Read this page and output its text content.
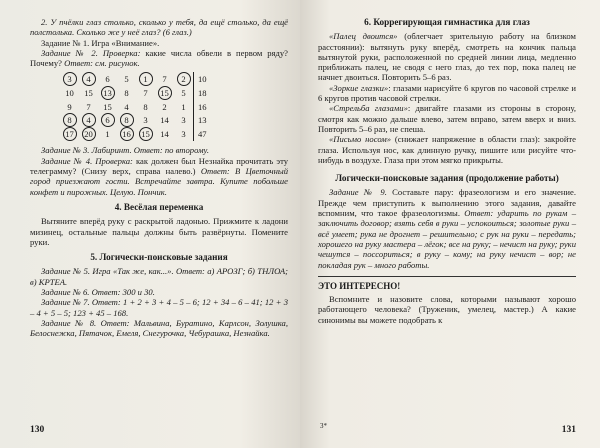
2. У пчёлки глаз столько, сколько у тебя, да ещё столько, да ещё полстолька. Сколько же у неё глаз? (6 глаз.)

Задание № 1. Игра «Внимание».

Задание № 2. Проверка: какие числа обвели в первом ряду? Почему? Ответ: см. рисунок.

3	4	6	5	1	7	2	10
10	15	13	8	7	15	5	18
9	7	15	4	8	2	1	16
8	4	6	8	3	14	3	13
17	20	1	16	15	14	3	47

Задание № 3. Лабиринт. Ответ: по второму.

Задание № 4. Проверка: как должен был Незнайка прочитать эту телеграмму? (Снизу верх, справа налево.) Ответ: В Цветочный город приезжают гости. Встречайте завтра. Купите побольше конфет и пирожных. Целую. Пончик.

4. Весёлая переменка

Вытяните вперёд руку с раскрытой ладонью. Прижмите к ладони мизинец, остальные пальцы должны быть развёрнуты. Помените руки.

5. Логически-поисковые задания

Задание № 5. Игра «Так же, как...». Ответ: а) АРОЗГ; б) ТНЛОА; в) КРТЕА.

Задание № 6. Ответ: 300 и 30.

Задание № 7. Ответ: 1 + 2 + 3 + 4 – 5 – 6; 12 + 34 – 6 – 41; 12 + 3 – 4 + 5 – 5; 123 + 45 – 168.

Задание № 8. Ответ: Мальвина, Буратино, Карлсон, Золушка, Белоснежка, Пятачок, Емеля, Снегурочка, Чебурашка, Незнайка.

130
6. Коррегирующая гимнастика для глаз

«Палец двоится» (облегчает зрительную работу на близком расстоянии): вытянуть руку вперёд, смотреть на кончик пальца вытянутой руки, расположенной по средней линии лица, медленно приближать палец, не сводя с него глаз, до тех пор, пока палец не начнет двоиться. Повторить 5–6 раз.

«Зоркие глазки»: глазами нарисуйте 6 кругов по часовой стрелке и 6 кругов против часовой стрелки.

«Стрельба глазами»: двигайте глазами из стороны в сторону, смотря как можно дальше влево, затем вправо, затем вверх и вниз. Повторить 5–6 раз, не спеша.

«Письмо носом» (снижает напряжение в области глаз): закройте глаза. Используя нос, как длинную ручку, пишите или рисуйте что-нибудь в воздухе. Глаза при этом мягко прикрыты.

Логически-поисковые задания (продолжение работы)

Задание № 9. Составьте пару: фразеологизм и его значение. Прежде чем приступить к выполнению этого задания, давайте вспомним, что такое фразеологизмы. Ответ: ударить по рукам – заключить договор; взять себя в руки – успокоиться; золотые руки – всё умеет; рука не дрогнет – решительно; с рук на руки – передать; хорошего на руку мастера – лёгок; все на руку; – нечист на руку; руки чешутся – поссориться; в руку – кому; на руку нечист – вор; не покладая рук – много работы.

ЭТО ИНТЕРЕСНО!

Вспомните и назовите слова, которыми называют хорошо работающего человека? (Труженик, умелец, мастер.) А какие синонимы вы можете подобрать к

3*	131
